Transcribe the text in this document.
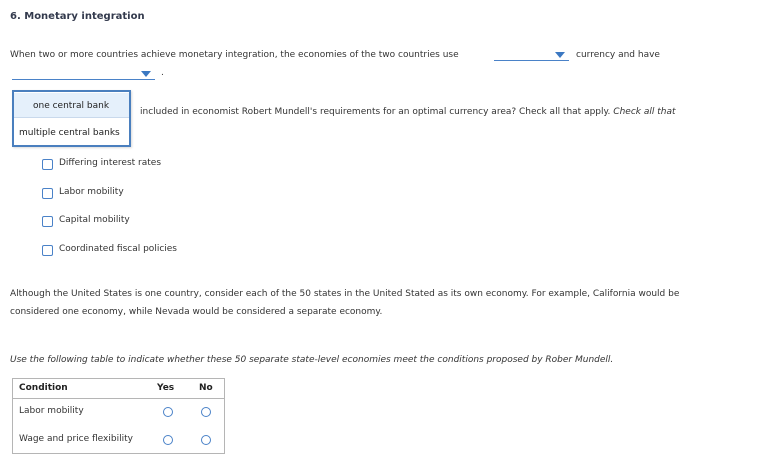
6. Monetary integration
When two or more countries achieve monetary integration, the economies of the two countries use	currency and have
.
one central bank
multiple central banks
included in economist Robert Mundell's requirements for an optimal currency area? Check all that apply. Check all that
Differing interest rates
Labor mobility
Capital mobility
Coordinated fiscal policies
Although the United States is one country, consider each of the 50 states in the United Stated as its own economy. For example, California would be
considered one economy, while Nevada would be considered a separate economy.
Use the following table to indicate whether these 50 separate state-level economies meet the conditions proposed by Rober Mundell.
Condition	Yes	No
Labor mobility
Wage and price flexibility
